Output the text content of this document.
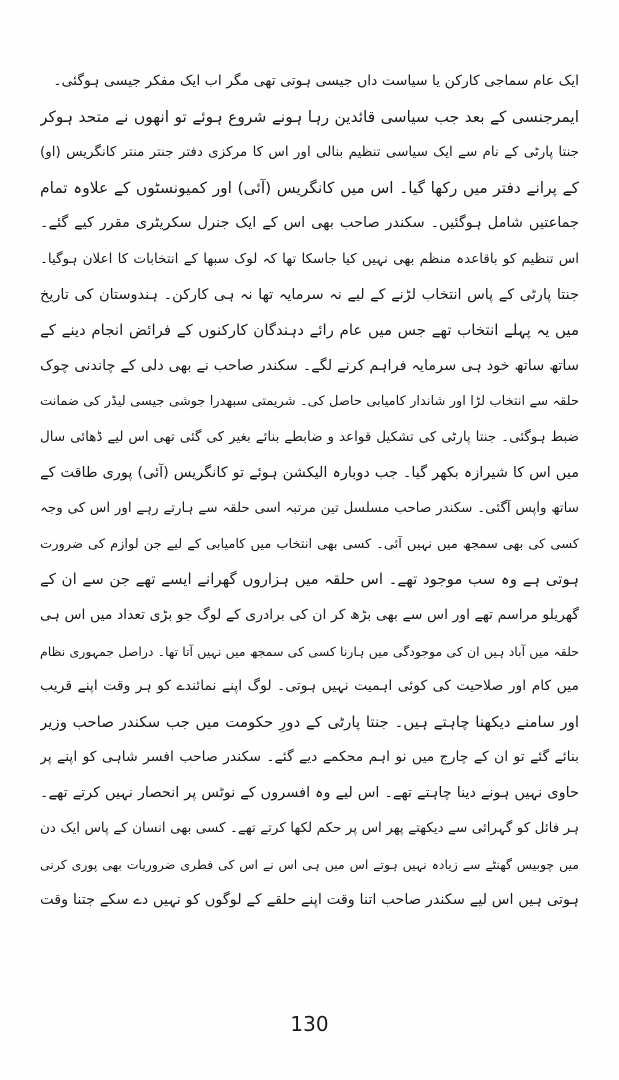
ایک عام سماجی کارکن یا سیاست داں جیسی ہوتی تھی مگر اب ایک مفکر جیسی ہوگئی۔
ایمرجنسی کے بعد جب سیاسی قائدین رہا ہونے شروع ہوئے تو انھوں نے متحد ہوکر
جنتا پارٹی کے نام سے ایک سیاسی تنظیم بنالی اور اس کا مرکزی دفتر جنتر منتر کانگریس (او)
کے پرانے دفتر میں رکھا گیا۔ اس میں کانگریس (آئی) اور کمیونسٹوں کے علاوہ تمام
جماعتیں شامل ہوگئیں۔ سکندر صاحب بھی اس کے ایک جنرل سکریٹری مقرر کیے گئے۔
اس تنظیم کو باقاعدہ منظم بھی نہیں کیا جاسکا تھا کہ لوک سبھا کے انتخابات کا اعلان ہوگیا۔
جنتا پارٹی کے پاس انتخاب لڑنے کے لیے نہ سرمایہ تھا نہ ہی کارکن۔ ہندوستان کی تاریخ
میں یہ پہلے انتخاب تھے جس میں عام رائے دہندگان کارکنوں کے فرائض انجام دینے کے
ساتھ ساتھ خود ہی سرمایہ فراہم کرنے لگے۔ سکندر صاحب نے بھی دلی کے چاندنی چوک
حلقہ سے انتخاب لڑا اور شاندار کامیابی حاصل کی۔ شریمتی سبھدرا جوشی جیسی لیڈر کی ضمانت
ضبط ہوگئی۔ جنتا پارٹی کی تشکیل قواعد و ضابطے بنائے بغیر کی گئی تھی اس لیے ڈھائی سال
میں اس کا شیرازہ بکھر گیا۔ جب دوبارہ الیکشن ہوئے تو کانگریس (آئی) پوری طاقت کے
ساتھ واپس آگئی۔ سکندر صاحب مسلسل تین مرتبہ اسی حلقہ سے ہارتے رہے اور اس کی وجہ
کسی کی بھی سمجھ میں نہیں آئی۔ کسی بھی انتخاب میں کامیابی کے لیے جن لوازم کی ضرورت
ہوتی ہے وہ سب موجود تھے۔ اس حلقہ میں ہزاروں گھرانے ایسے تھے جن سے ان کے
گھریلو مراسم تھے اور اس سے بھی بڑھ کر ان کی برادری کے لوگ جو بڑی تعداد میں اس ہی
حلقہ میں آباد ہیں ان کی موجودگی میں ہارنا کسی کی سمجھ میں نہیں آتا تھا۔ دراصل جمہوری نظام
میں کام اور صلاحیت کی کوئی اہمیت نہیں ہوتی۔ لوگ اپنے نمائندے کو ہر وقت اپنے قریب
اور سامنے دیکھنا چاہتے ہیں۔ جنتا پارٹی کے دورِ حکومت میں جب سکندر صاحب وزیر
بنائے گئے تو ان کے چارج میں نو اہم محکمے دیے گئے۔ سکندر صاحب افسر شاہی کو اپنے پر
حاوی نہیں ہونے دینا چاہتے تھے۔ اس لیے وہ افسروں کے نوٹس پر انحصار نہیں کرتے تھے۔
ہر فائل کو گہرائی سے دیکھتے پھر اس پر حکم لکھا کرتے تھے۔ کسی بھی انسان کے پاس ایک دن
میں چوبیس گھنٹے سے زیادہ نہیں ہوتے اس میں ہی اس نے اس کی فطری ضروریات بھی پوری کرنی
ہوتی ہیں اس لیے سکندر صاحب اتنا وقت اپنے حلقے کے لوگوں کو نہیں دے سکے جتنا وقت
130
